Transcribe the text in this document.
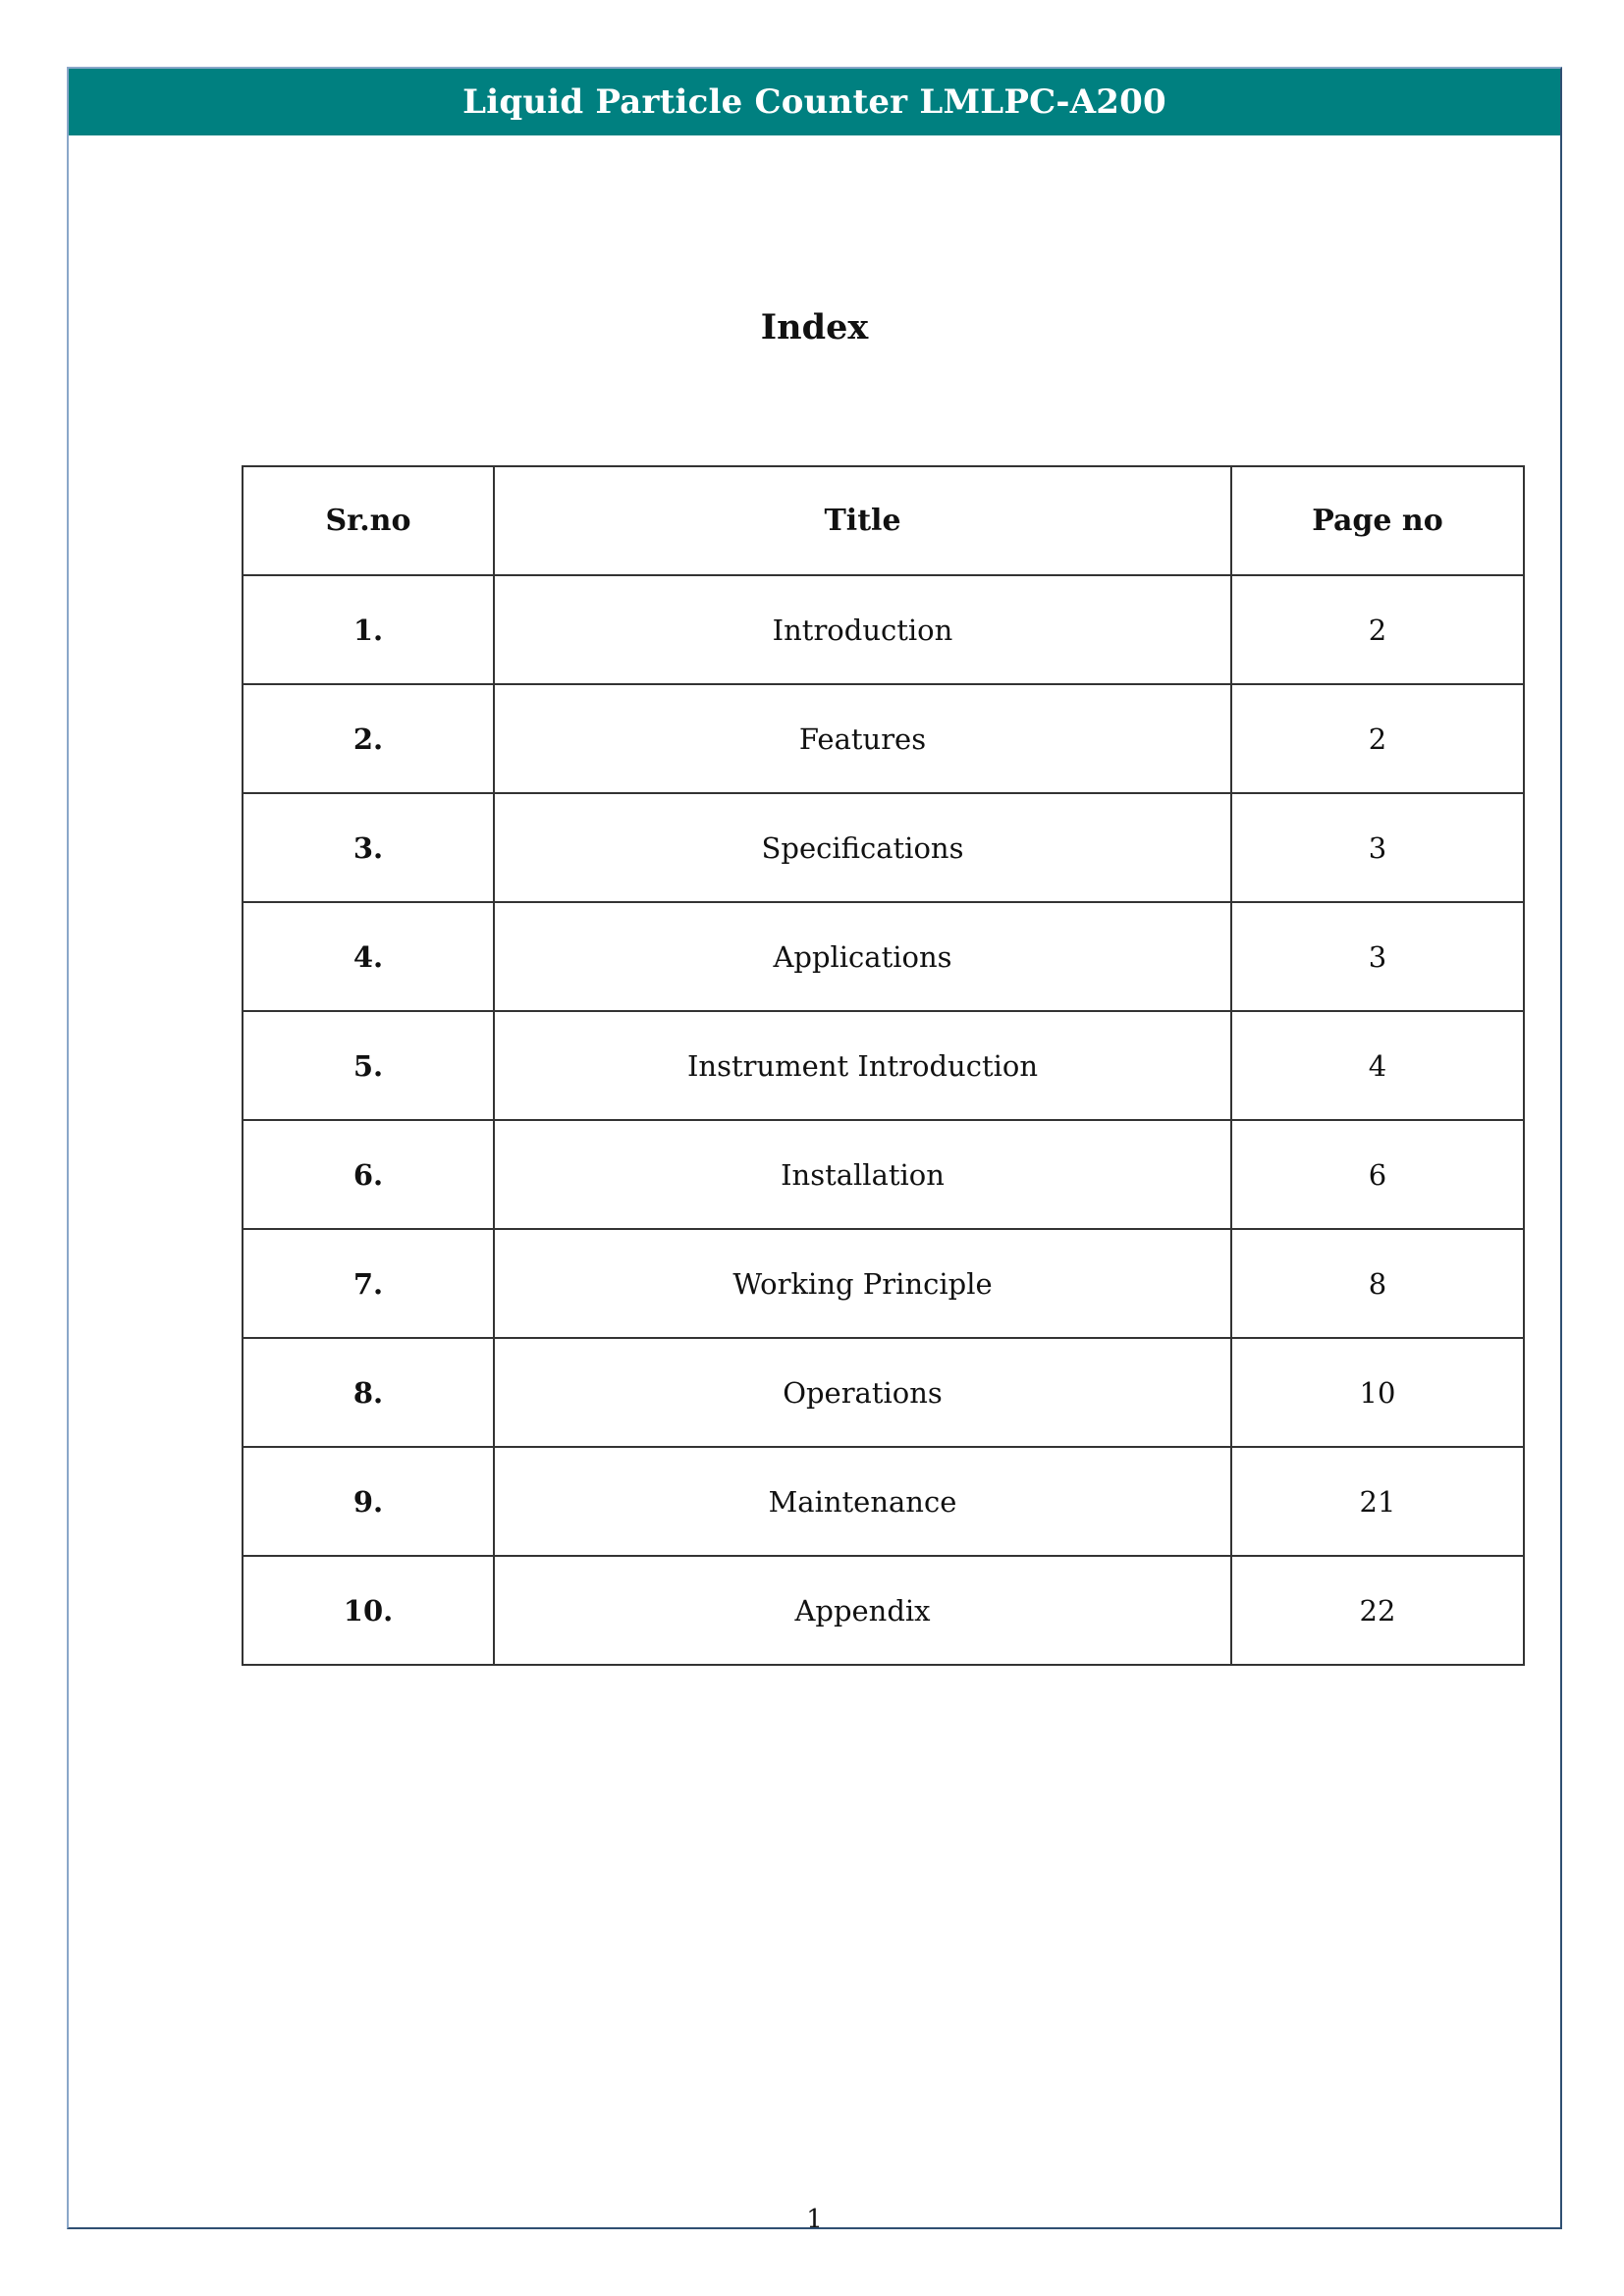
Liquid Particle Counter LMLPC-A200
Index
Sr.no	Title	Page no
1.	Introduction	2
2.	Features	2
3.	Specifications	3
4.	Applications	3
5.	Instrument Introduction	4
6.	Installation	6
7.	Working Principle	8
8.	Operations	10
9.	Maintenance	21
10.	Appendix	22
1
